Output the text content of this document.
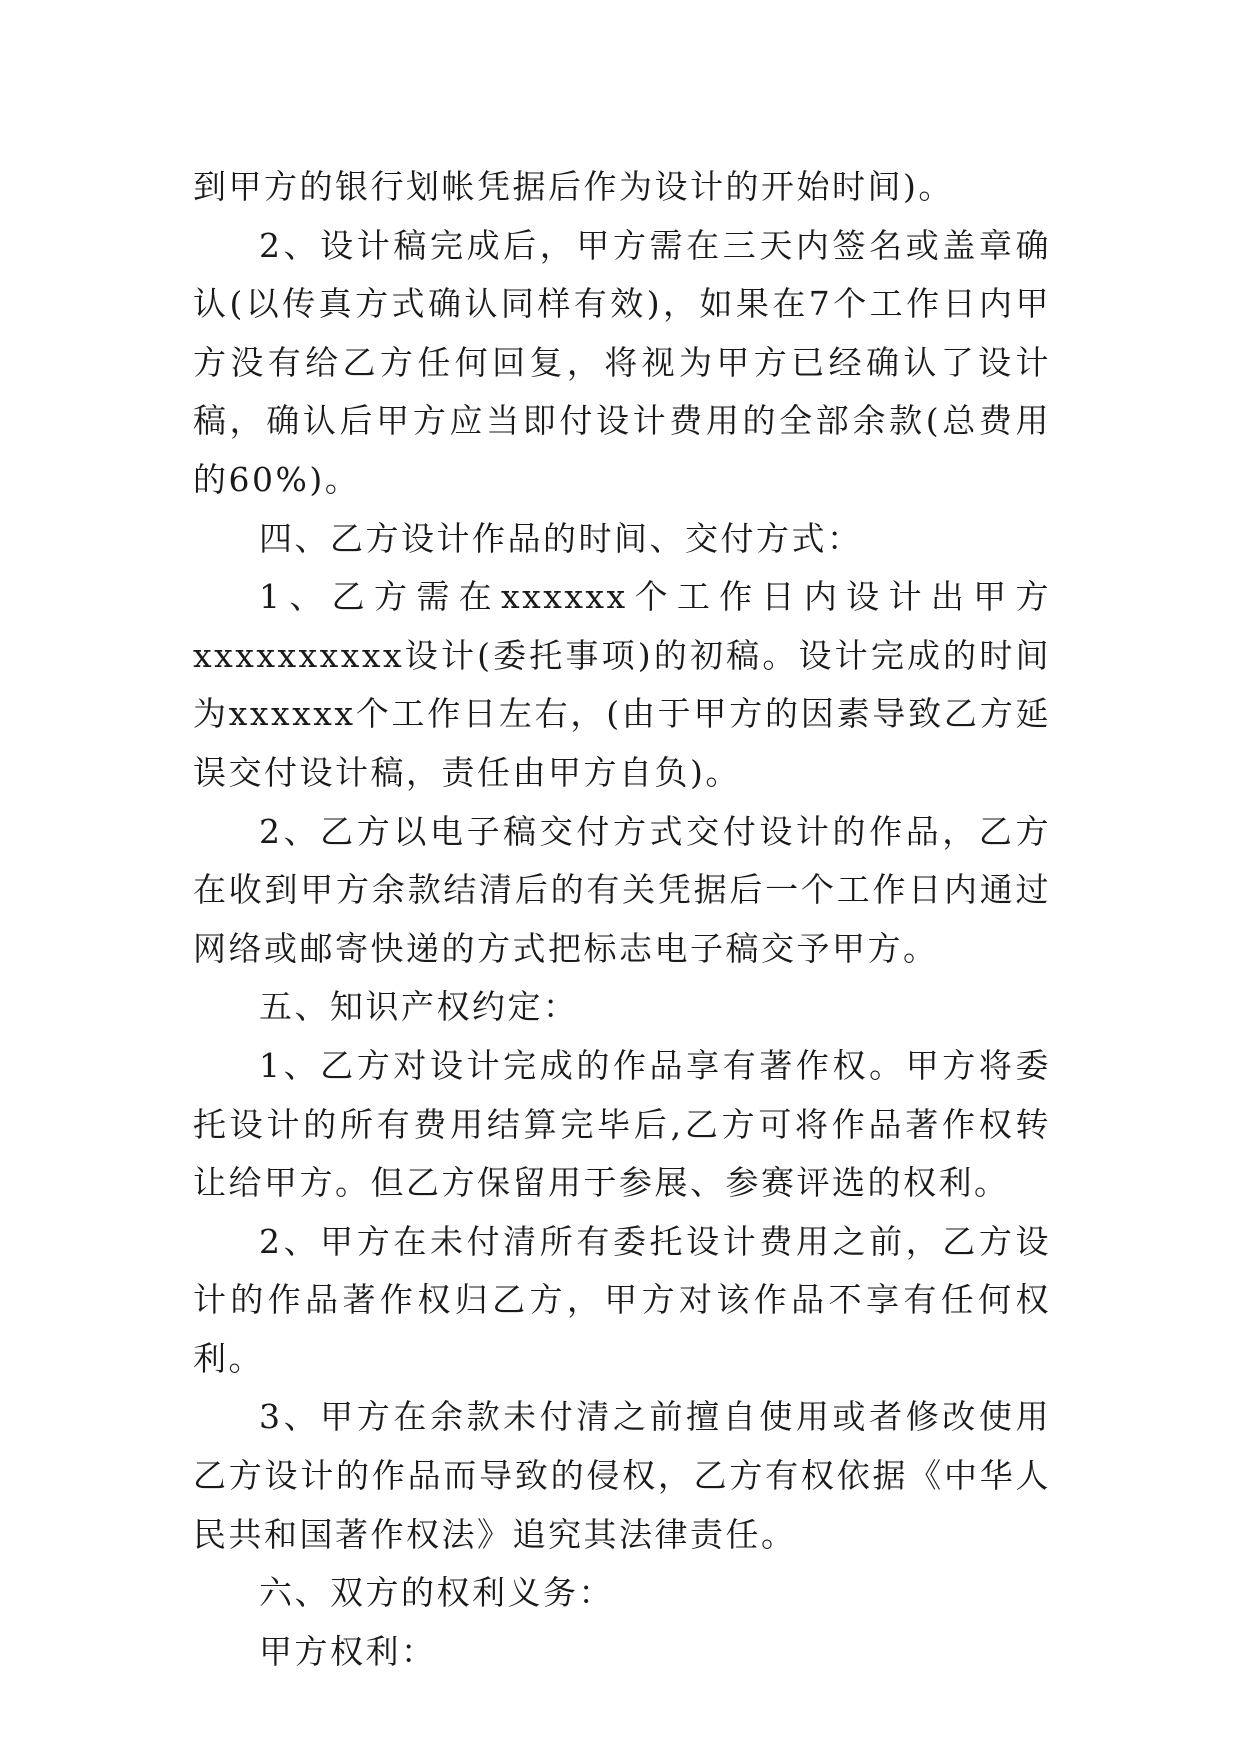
到甲方的银行划帐凭据后作为设计的开始时间)。

2、设计稿完成后，甲方需在三天内签名或盖章确认(以传真方式确认同样有效)，如果在7个工作日内甲方没有给乙方任何回复，将视为甲方已经确认了设计稿，确认后甲方应当即付设计费用的全部余款(总费用的60%)。

四、乙方设计作品的时间、交付方式：

1、乙方需在xxxxxx个工作日内设计出甲方xxxxxxxxxx设计(委托事项)的初稿。设计完成的时间为xxxxxx个工作日左右，(由于甲方的因素导致乙方延误交付设计稿，责任由甲方自负)。

2、乙方以电子稿交付方式交付设计的作品，乙方在收到甲方余款结清后的有关凭据后一个工作日内通过网络或邮寄快递的方式把标志电子稿交予甲方。

五、知识产权约定：

1、乙方对设计完成的作品享有著作权。甲方将委托设计的所有费用结算完毕后,乙方可将作品著作权转让给甲方。但乙方保留用于参展、参赛评选的权利。

2、甲方在未付清所有委托设计费用之前，乙方设计的作品著作权归乙方，甲方对该作品不享有任何权利。

3、甲方在余款未付清之前擅自使用或者修改使用乙方设计的作品而导致的侵权，乙方有权依据《中华人民共和国著作权法》追究其法律责任。

六、双方的权利义务：

甲方权利：
